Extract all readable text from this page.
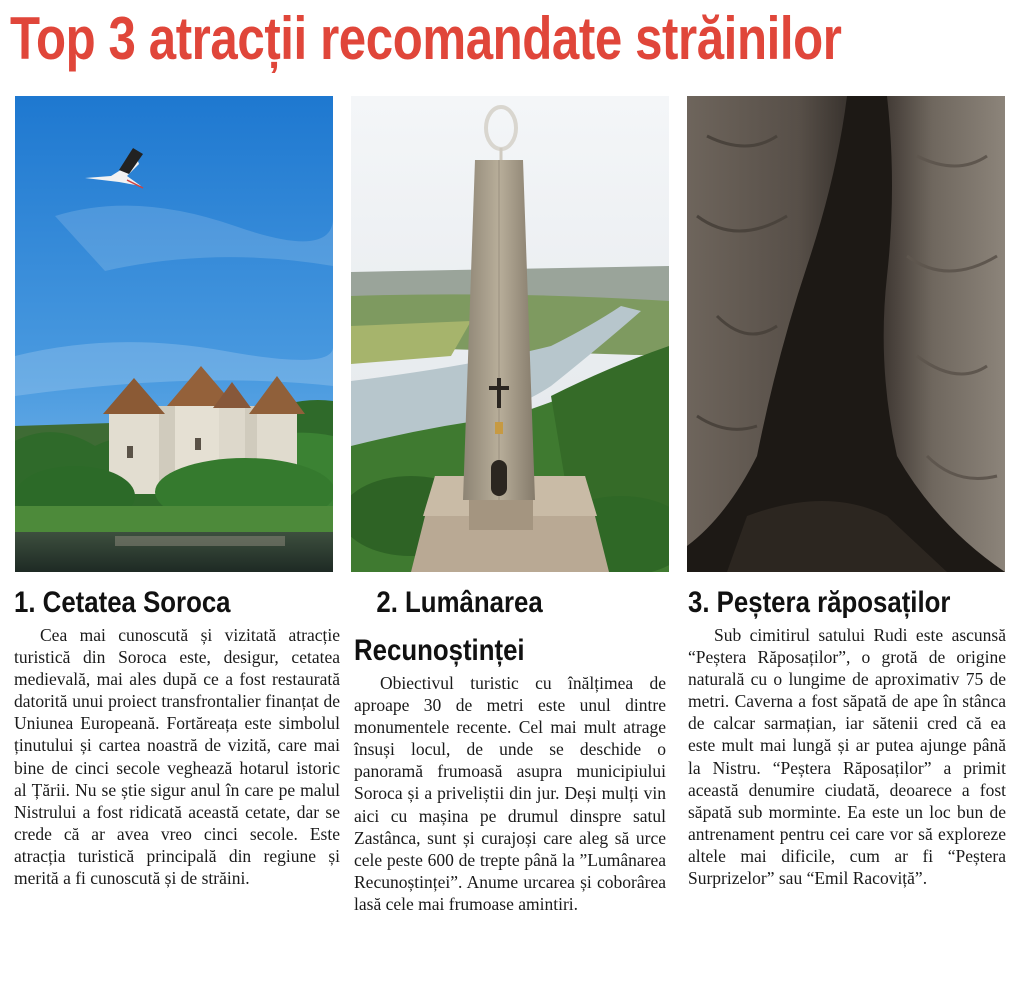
Top 3 atracții recomandate străinilor
1. Cetatea Soroca

Cea mai cunoscută și vizitată atracție turistică din Soroca este, desigur, cetatea medievală, mai ales după ce a fost restaurată datorită unui proiect transfrontalier finanțat de Uniunea Europeană. Fortăreața este simbolul ținutului și cartea noastră de vizită, care mai bine de cinci secole veghează hotarul istoric al Țării. Nu se știe sigur anul în care pe malul Nistrului a fost ridicată această cetate, dar se crede că ar avea vreo cinci secole. Este atracția turistică principală din regiune și merită a fi cunoscută și de străini.

2. Lumânarea
Recunoștinței

Obiectivul turistic cu înălțimea de aproape 30 de metri este unul dintre monumentele recente. Cel mai mult atrage însuși locul, de unde se deschide o panoramă frumoasă asupra municipiului Soroca și a priveliștii din jur. Deși mulți vin aici cu mașina pe drumul dinspre satul Zastânca, sunt și curajoși care aleg să urce cele peste 600 de trepte până la ”Lumânarea Recunoștinței”. Anume urcarea și coborârea lasă cele mai frumoase amintiri.

3. Peștera răposaților

Sub cimitirul satului Rudi este ascunsă “Peștera Răposaților”, o grotă de origine naturală cu o lungime de aproximativ 75 de metri. Caverna a fost săpată de ape în stânca de calcar sarmațian, iar sătenii cred că ea este mult mai lungă și ar putea ajunge până la Nistru. “Peștera Răposaților” a primit această denumire ciudată, deoarece a fost săpată sub morminte. Ea este un loc bun de antrenament pentru cei care vor să exploreze altele mai dificile, cum ar fi “Peștera Surprizelor” sau “Emil Racoviță”.
